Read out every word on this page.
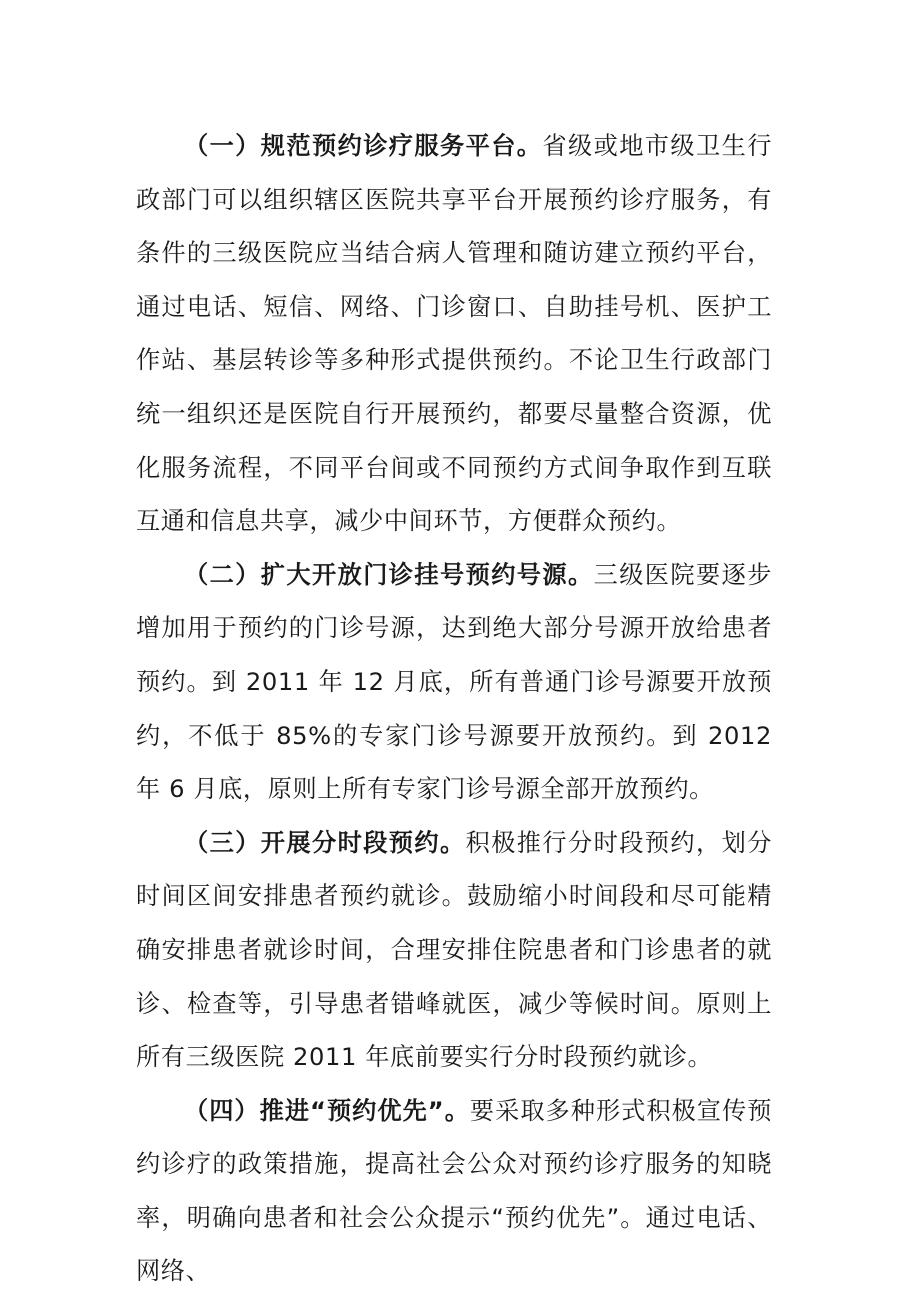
（一）规范预约诊疗服务平台。省级或地市级卫生行政部门可以组织辖区医院共享平台开展预约诊疗服务，有条件的三级医院应当结合病人管理和随访建立预约平台，通过电话、短信、网络、门诊窗口、自助挂号机、医护工作站、基层转诊等多种形式提供预约。不论卫生行政部门统一组织还是医院自行开展预约，都要尽量整合资源，优化服务流程，不同平台间或不同预约方式间争取作到互联互通和信息共享，减少中间环节，方便群众预约。

（二）扩大开放门诊挂号预约号源。三级医院要逐步增加用于预约的门诊号源，达到绝大部分号源开放给患者预约。到 2011 年 12 月底，所有普通门诊号源要开放预约，不低于 85%的专家门诊号源要开放预约。到 2012 年 6 月底，原则上所有专家门诊号源全部开放预约。

（三）开展分时段预约。积极推行分时段预约，划分时间区间安排患者预约就诊。鼓励缩小时间段和尽可能精确安排患者就诊时间，合理安排住院患者和门诊患者的就诊、检查等，引导患者错峰就医，减少等候时间。原则上所有三级医院 2011 年底前要实行分时段预约就诊。

（四）推进“预约优先”。要采取多种形式积极宣传预约诊疗的政策措施，提高社会公众对预约诊疗服务的知晓率，明确向患者和社会公众提示“预约优先”。通过电话、网络、
